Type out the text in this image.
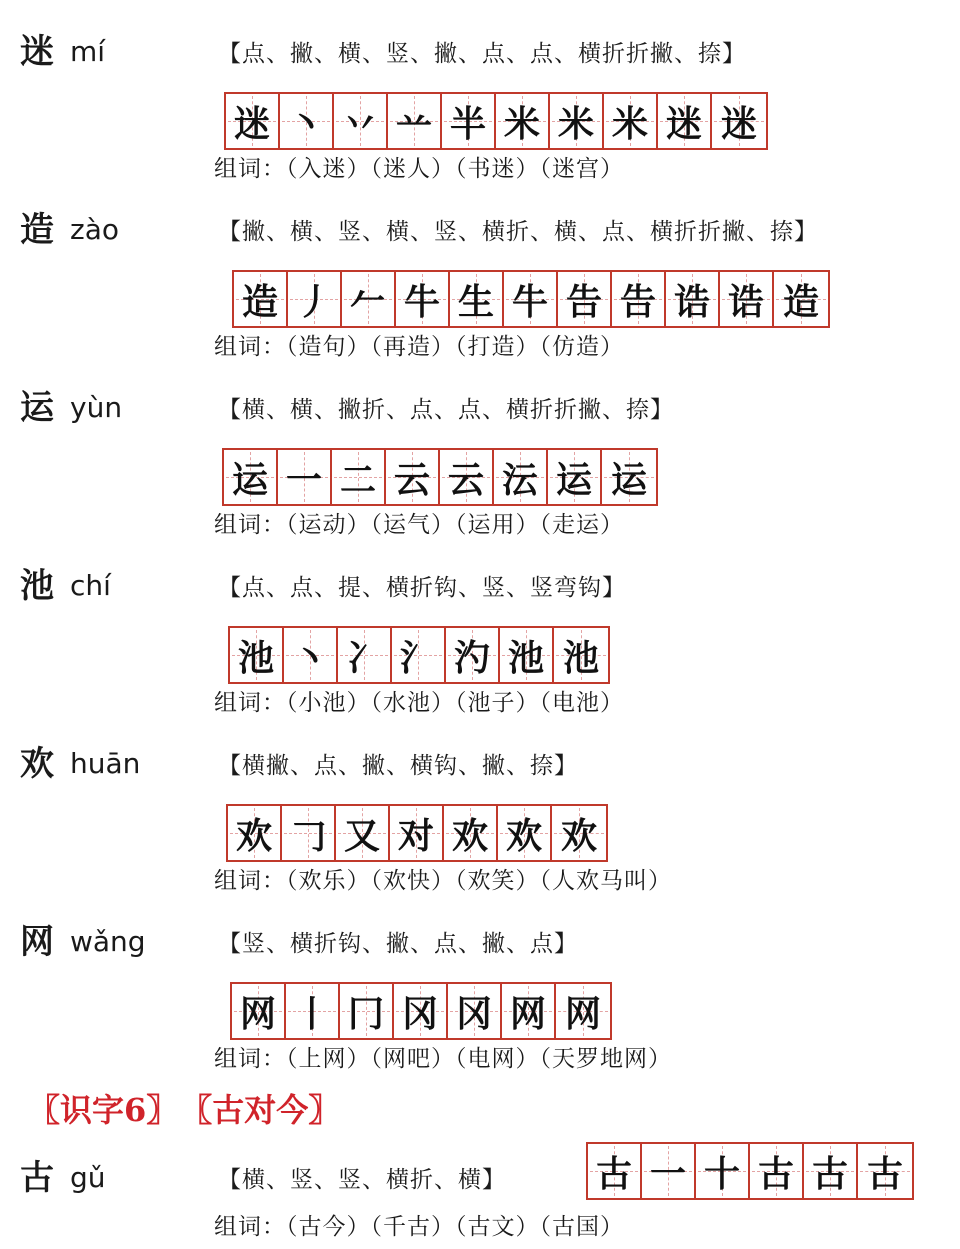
迷 mí	【点、撇、横、竖、撇、点、点、横折折撇、捺】
迷 丶 丷 䒑 半 米 米 米 迷 迷
组词：（入迷）（迷人）（书迷）（迷宫）
造 zào	【撇、横、竖、横、竖、横折、横、点、横折折撇、捺】
造 丿 𠂉 牛 生 牛 告 告 诰 诰 造
组词：（造句）（再造）（打造）（仿造）
运 yùn	【横、横、撇折、点、点、横折折撇、捺】
运 一 二 云 云 沄 运 运
组词：（运动）（运气）（运用）（走运）
池 chí	【点、点、提、横折钩、竖、竖弯钩】
池 丶 冫 氵 汋 池 池
组词：（小池）（水池）（池子）（电池）
欢 huān	【横撇、点、撇、横钩、撇、捺】
欢 𠃌 又 对 欢 欢 欢
组词：（欢乐）（欢快）（欢笑）（人欢马叫）
网 wǎng	【竖、横折钩、撇、点、撇、点】
网 丨 冂 冈 冈 网 网
组词：（上网）（网吧）（电网）（天罗地网）
〖识字6〗 〖古对今〗
古 gǔ	【横、竖、竖、横折、横】 古 一 十 古 古 古
组词：（古今）（千古）（古文）（古国）
